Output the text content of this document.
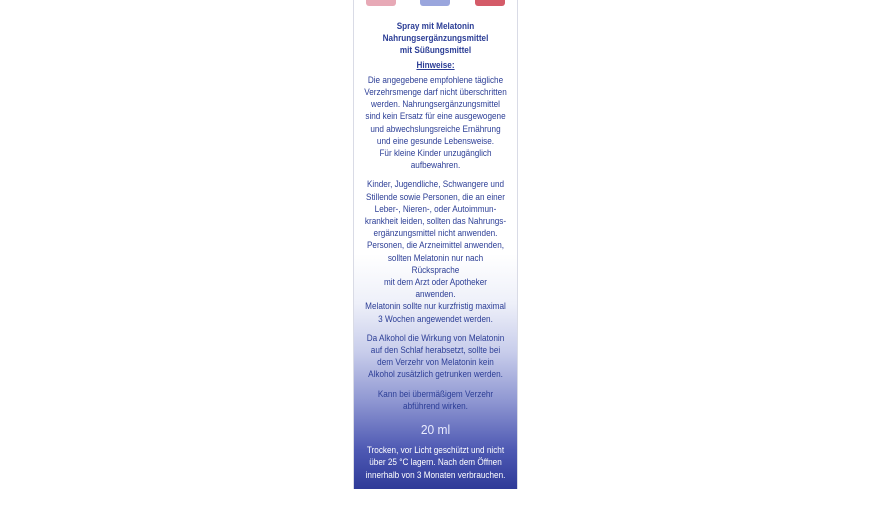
Spray mit Melatonin
Nahrungsergänzungsmittel
mit Süßungsmittel
Hinweise:
Die angegebene empfohlene tägliche
Verzehrsmenge darf nicht überschritten
werden. Nahrungsergänzungsmittel
sind kein Ersatz für eine ausgewogene
und abwechslungsreiche Ernährung
und eine gesunde Lebensweise.
Für kleine Kinder unzugänglich
aufbewahren.
Kinder, Jugendliche, Schwangere und
Stillende sowie Personen, die an einer
Leber-, Nieren-, oder Autoimmun-
krankheit leiden, sollten das Nahrungs-
ergänzungsmittel nicht anwenden.
Personen, die Arzneimittel anwenden,
sollten Melatonin nur nach Rücksprache
mit dem Arzt oder Apotheker anwenden.
Melatonin sollte nur kurzfristig maximal
3 Wochen angewendet werden.
Da Alkohol die Wirkung von Melatonin
auf den Schlaf herabsetzt, sollte bei
dem Verzehr von Melatonin kein
Alkohol zusätzlich getrunken werden.
Kann bei übermäßigem Verzehr
abführend wirken.
20 ml
Trocken, vor Licht geschützt und nicht
über 25 °C lagern. Nach dem Öffnen
innerhalb von 3 Monaten verbrauchen.
Ungeöffnet mindestens haltbar
bis Ende:/L.: siehe Bodenlasche:
